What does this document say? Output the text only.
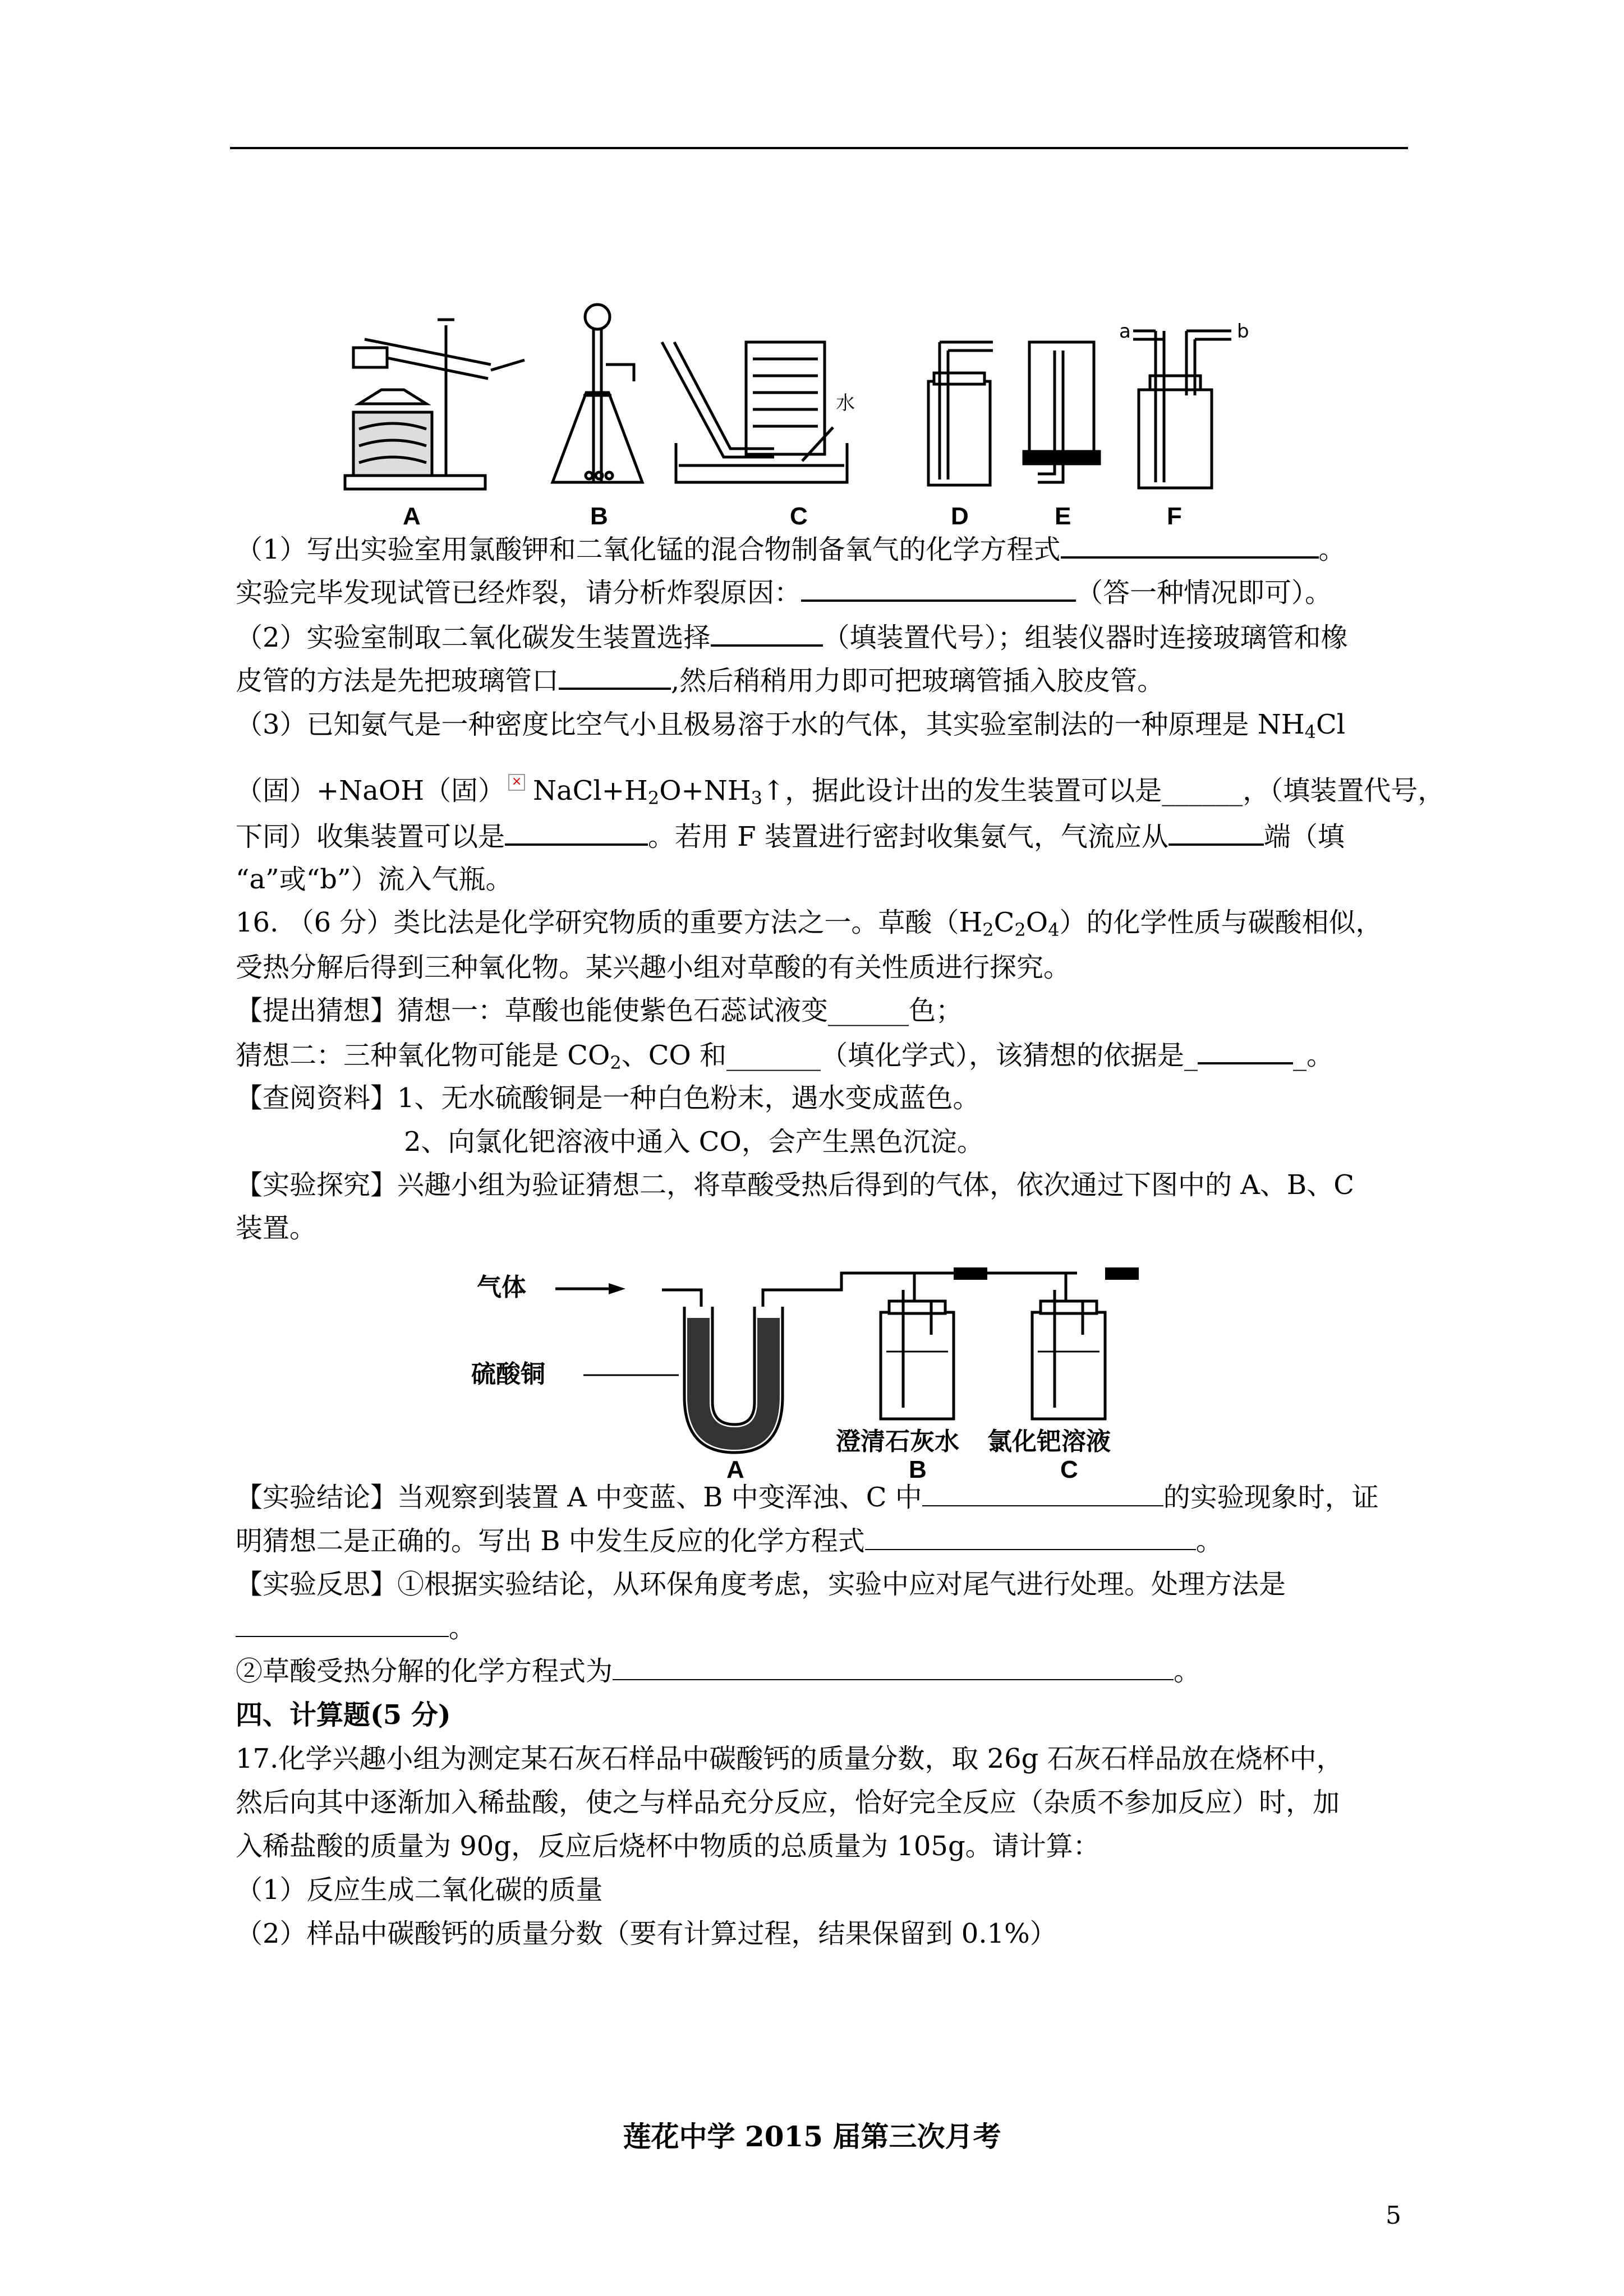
水
a	b
A	B	C	D	E	F
（1）写出实验室用氯酸钾和二氧化锰的混合物制备氧气的化学方程式	。
实验完毕发现试管已经炸裂，请分析炸裂原因：	（答一种情况即可）。
（2）实验室制取二氧化碳发生装置选择	（填装置代号）；组装仪器时连接玻璃管和橡
皮管的方法是先把玻璃管口	,然后稍稍用力即可把玻璃管插入胶皮管。
（3）已知氨气是一种密度比空气小且极易溶于水的气体，其实验室制法的一种原理是 $NH_4Cl$
（固）+NaOH（固） × $NaCl+H_2O+NH_3↑$，据此设计出的发生装置可以是______，（填装置代号，
下同）收集装置可以是	。若用 F 装置进行密封收集氨气，气流应从	端（填
“a”或“b”）流入气瓶。
16. （6 分）类比法是化学研究物质的重要方法之一。草酸$(H_2C_2O_4)$的化学性质与碳酸相似，
受热分解后得到三种氧化物。某兴趣小组对草酸的有关性质进行探究。
【提出猜想】猜想一：草酸也能使紫色石蕊试液变______色；
猜想二：三种氧化物可能是 $CO_2$、CO 和_______（填化学式），该猜想的依据是_	_。
【查阅资料】1、无水硫酸铜是一种白色粉末，遇水变成蓝色。
2、向氯化钯溶液中通入 CO，会产生黑色沉淀。
【实验探究】兴趣小组为验证猜想二，将草酸受热后得到的气体，依次通过下图中的 A、B、C
装置。
气体
硫酸铜
澄清石灰水 氯化钯溶液
A	B	C
【实验结论】当观察到装置 A 中变蓝、B 中变浑浊、C 中	的实验现象时，证
明猜想二是正确的。写出 B 中发生反应的化学方程式	。
【实验反思】①根据实验结论，从环保角度考虑，实验中应对尾气进行处理。处理方法是
。
②草酸受热分解的化学方程式为	。
四、计算题(5 分)
17.化学兴趣小组为测定某石灰石样品中碳酸钙的质量分数，取 26g 石灰石样品放在烧杯中，
然后向其中逐渐加入稀盐酸，使之与样品充分反应，恰好完全反应（杂质不参加反应）时，加
入稀盐酸的质量为 90g，反应后烧杯中物质的总质量为 105g。请计算：
（1）反应生成二氧化碳的质量
（2）样品中碳酸钙的质量分数（要有计算过程，结果保留到 0.1%）
莲花中学 2015 届第三次月考
5
